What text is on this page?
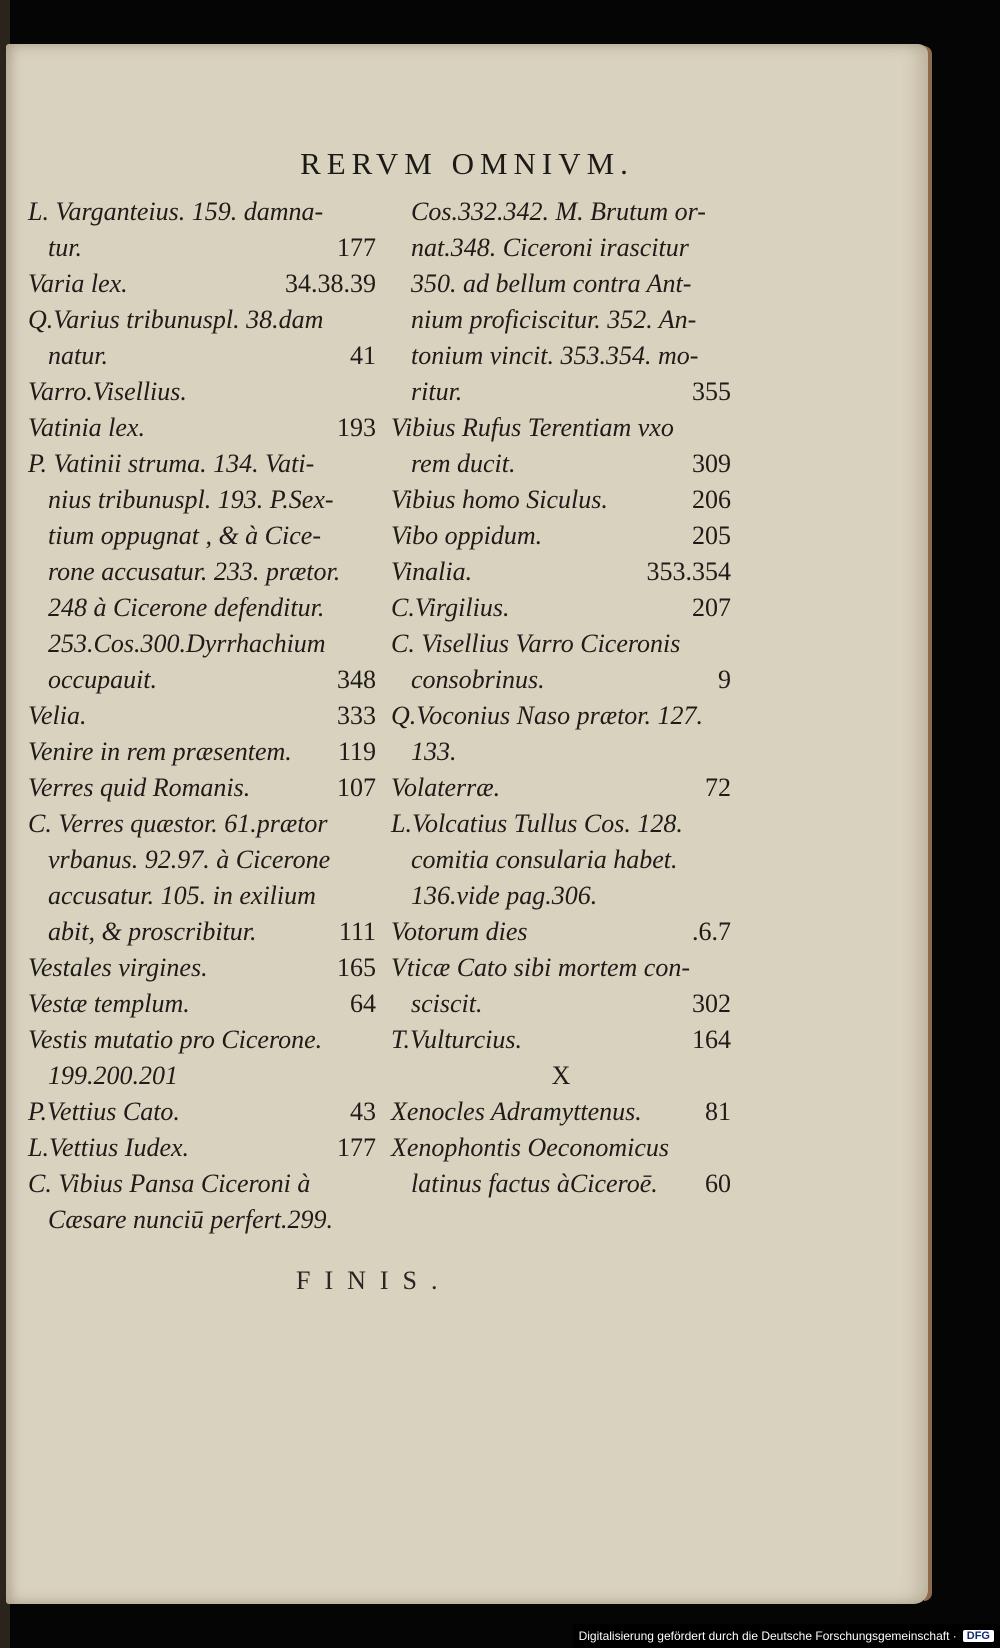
RERVM OMNIVM.
L. Varganteius. 159. damna-
tur.	177
Varia lex.	34.38.39
Q.Varius tribunuspl. 38.dam
natur.	41
Varro.Visellius.
Vatinia lex.	193
P. Vatinii struma. 134. Vati-
nius tribunuspl. 193. P.Sex-
tium oppugnat , & à Cice-
rone accusatur. 233. prætor.
248 à Cicerone defenditur.
253.Cos.300.Dyrrhachium
occupauit.	348
Velia.	333
Venire in rem præsentem. 119
Verres quid Romanis.	107
C. Verres quæstor. 61.prætor
vrbanus. 92.97. à Cicerone
accusatur. 105. in exilium
abit, & proscribitur.	111
Vestales virgines.	165
Vestæ templum.	64
Vestis mutatio pro Cicerone.
199.200.201
P.Vettius Cato.	43
L.Vettius Iudex.	177
C. Vibius Pansa Ciceroni à
Cæsare nunciū perfert.299.
Cos.332.342. M. Brutum or-
nat.348. Ciceroni irascitur
350. ad bellum contra Ant-
nium proficiscitur. 352. An-
tonium vincit. 353.354. mo-
ritur.	355
Vibius Rufus Terentiam vxo
rem ducit.	309
Vibius homo Siculus.	206
Vibo oppidum.	205
Vinalia.	353.354
C.Virgilius.	207
C. Visellius Varro Ciceronis
consobrinus.	9
Q.Voconius Naso prætor. 127.
133.
Volaterræ.	72
L.Volcatius Tullus Cos. 128.
comitia consularia habet.
136.vide pag.306.
Votorum dies	.6.7
Vticæ Cato sibi mortem con-
sciscit.	302
T.Vulturcius.	164
X
Xenocles Adramyttenus. 81
Xenophontis Oeconomicus
latinus factus àCiceroē. 60
FINIS.
Digitalisierung gefördert durch die Deutsche Forschungsgemeinschaft · DFG
